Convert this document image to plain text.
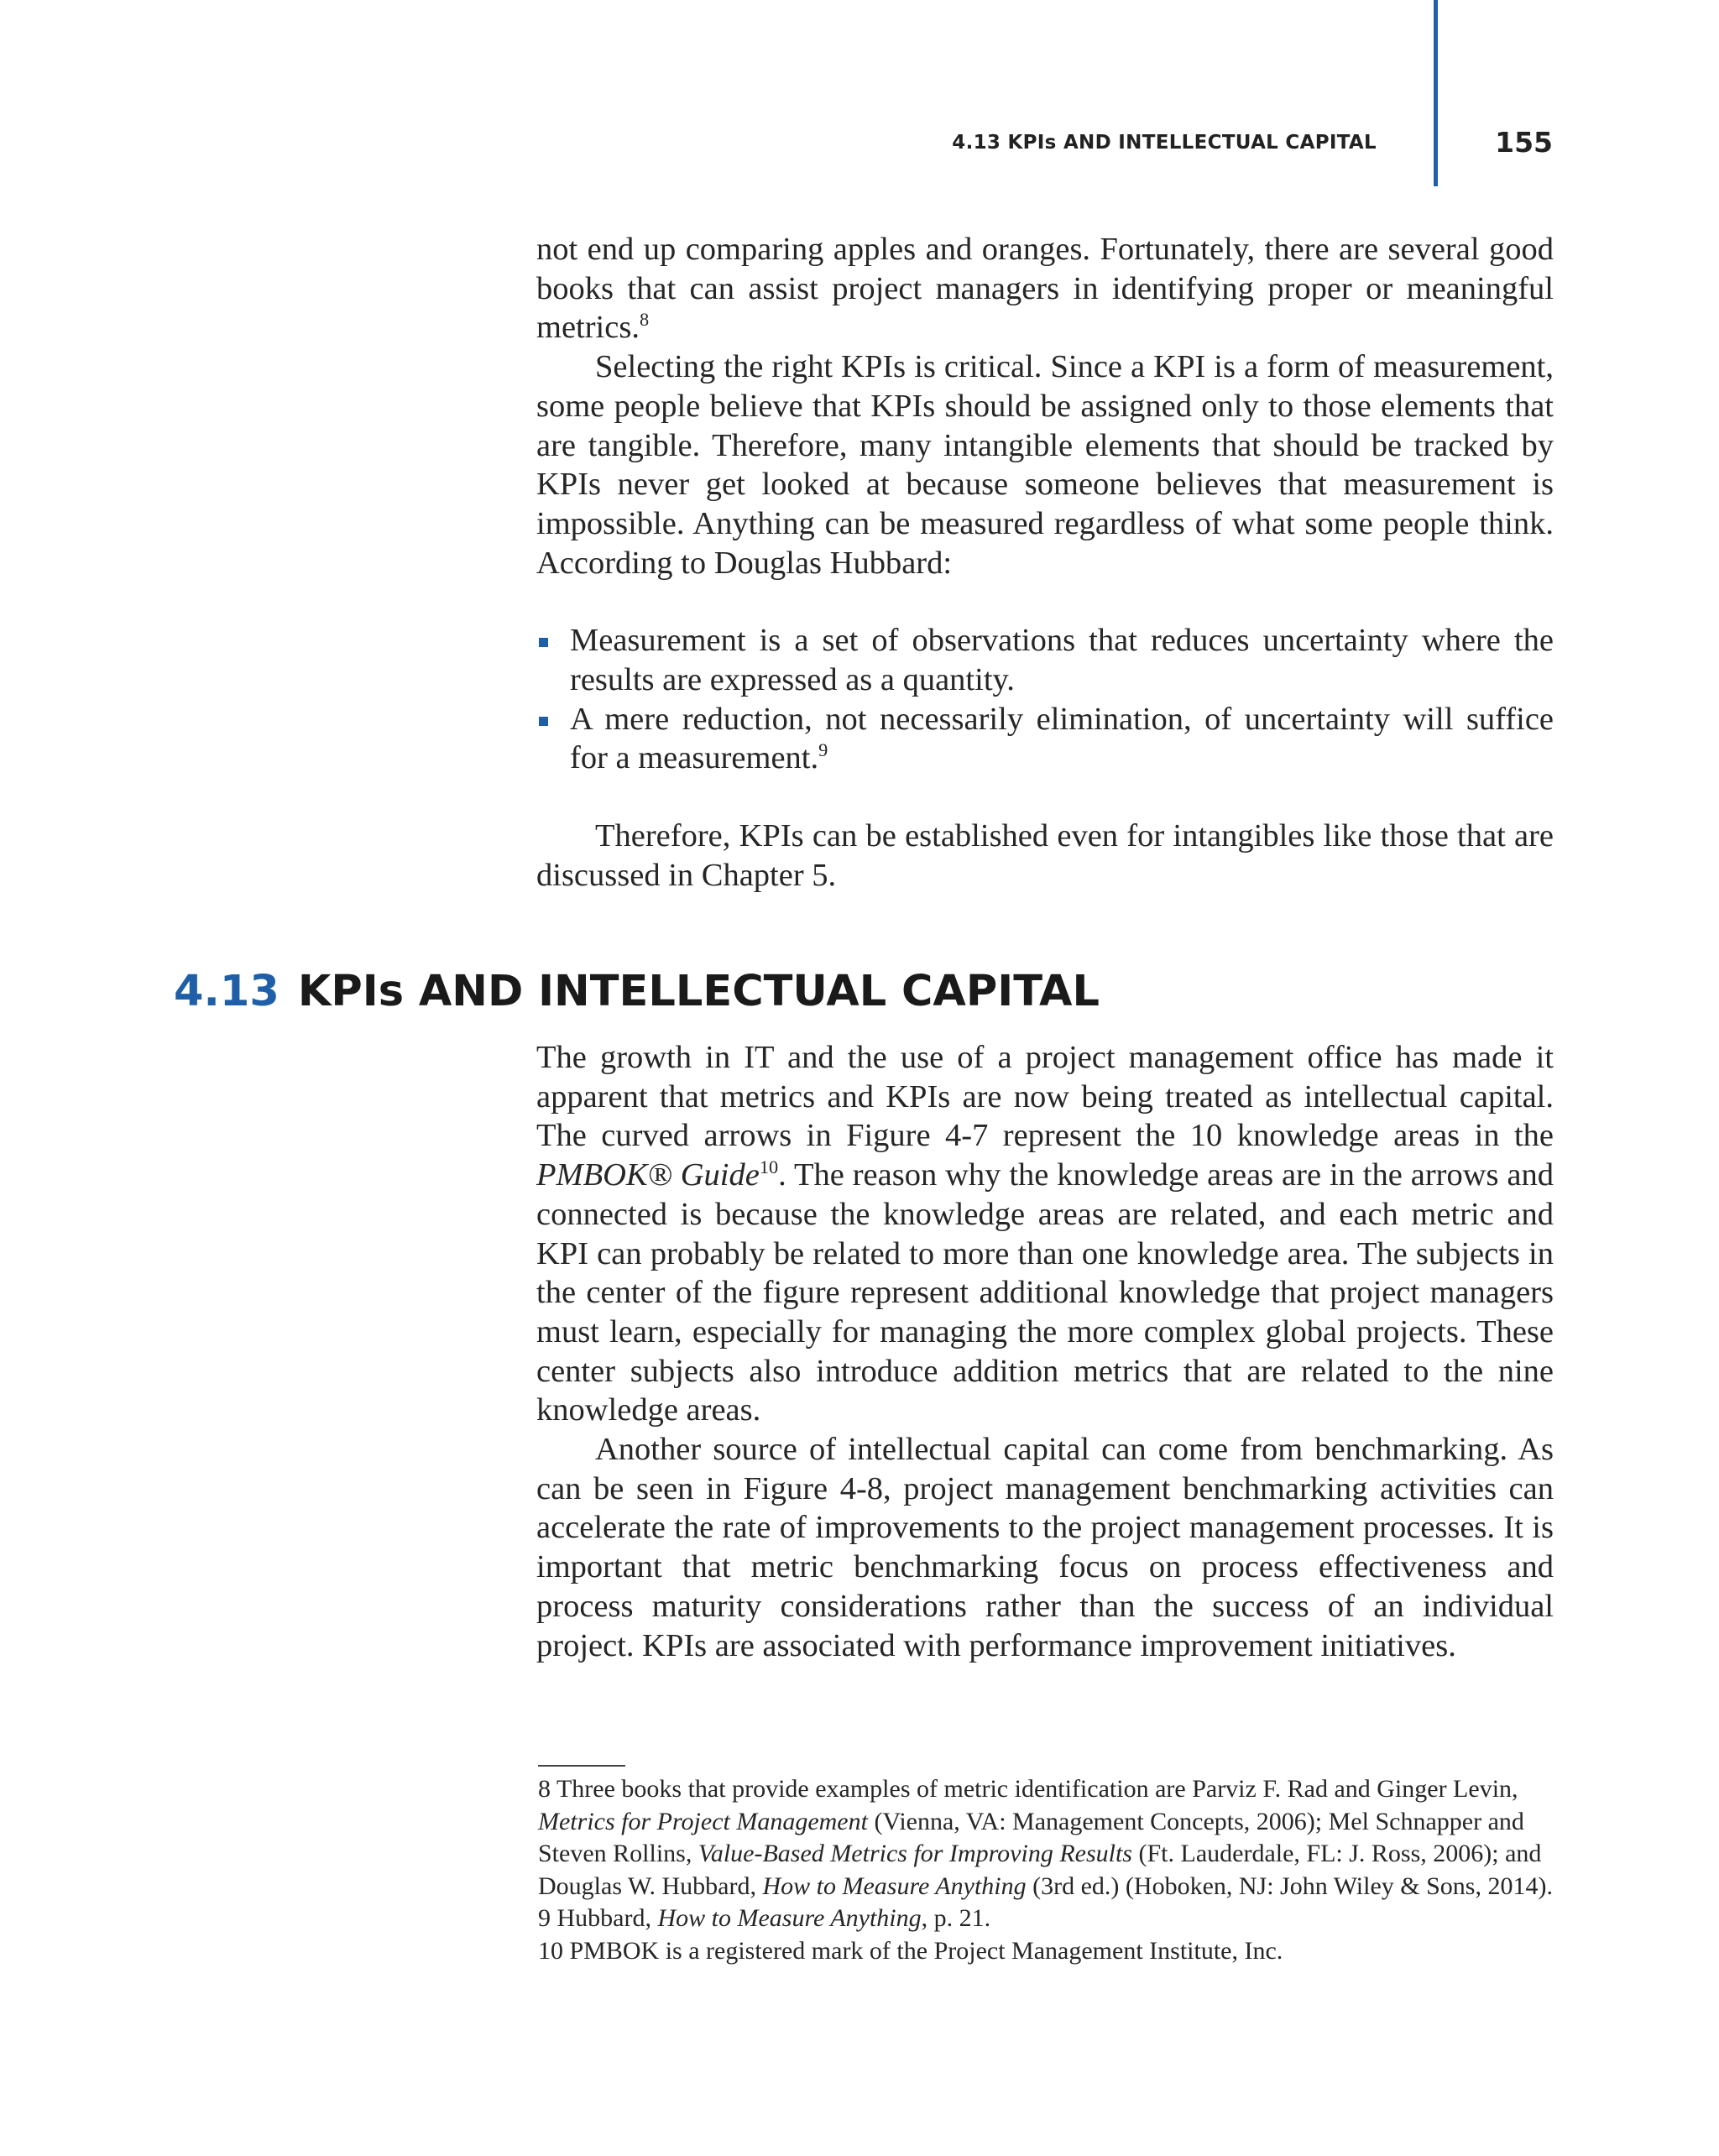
4.13 KPIs AND INTELLECTUAL CAPITAL	155

not end up comparing apples and oranges. Fortunately, there are several good books that can assist project managers in identifying proper or meaningful metrics.$^8$

Selecting the right KPIs is critical. Since a KPI is a form of measurement, some people believe that KPIs should be assigned only to those elements that are tangible. Therefore, many intangible elements that should be tracked by KPIs never get looked at because someone believes that measurement is impossible. Anything can be measured regardless of what some people think. According to Douglas Hubbard:

Measurement is a set of observations that reduces uncertainty where the results are expressed as a quantity.
A mere reduction, not necessarily elimination, of uncertainty will suffice for a measurement.$^9$

Therefore, KPIs can be established even for intangibles like those that are discussed in Chapter 5.

4.13 KPIs AND INTELLECTUAL CAPITAL

The growth in IT and the use of a project management office has made it apparent that metrics and KPIs are now being treated as intellectual capital. The curved arrows in Figure 4-7 represent the 10 knowledge areas in the PMBOK® Guide$^{10}$. The reason why the knowledge areas are in the arrows and connected is because the knowledge areas are related, and each metric and KPI can probably be related to more than one knowledge area. The subjects in the center of the figure represent additional knowledge that project managers must learn, especially for managing the more complex global projects. These center subjects also introduce addition metrics that are related to the nine knowledge areas.

Another source of intellectual capital can come from benchmarking. As can be seen in Figure 4-8, project management benchmarking activities can accelerate the rate of improvements to the project management processes. It is important that metric benchmarking focus on process effectiveness and process maturity considerations rather than the success of an individual project. KPIs are associated with performance improvement initiatives.

8 Three books that provide examples of metric identification are Parviz F. Rad and Ginger Levin, Metrics for Project Management (Vienna, VA: Management Concepts, 2006); Mel Schnapper and Steven Rollins, Value-Based Metrics for Improving Results (Ft. Lauderdale, FL: J. Ross, 2006); and Douglas W. Hubbard, How to Measure Anything (3rd ed.) (Hoboken, NJ: John Wiley & Sons, 2014).

9 Hubbard, How to Measure Anything, p. 21.

10 PMBOK is a registered mark of the Project Management Institute, Inc.
